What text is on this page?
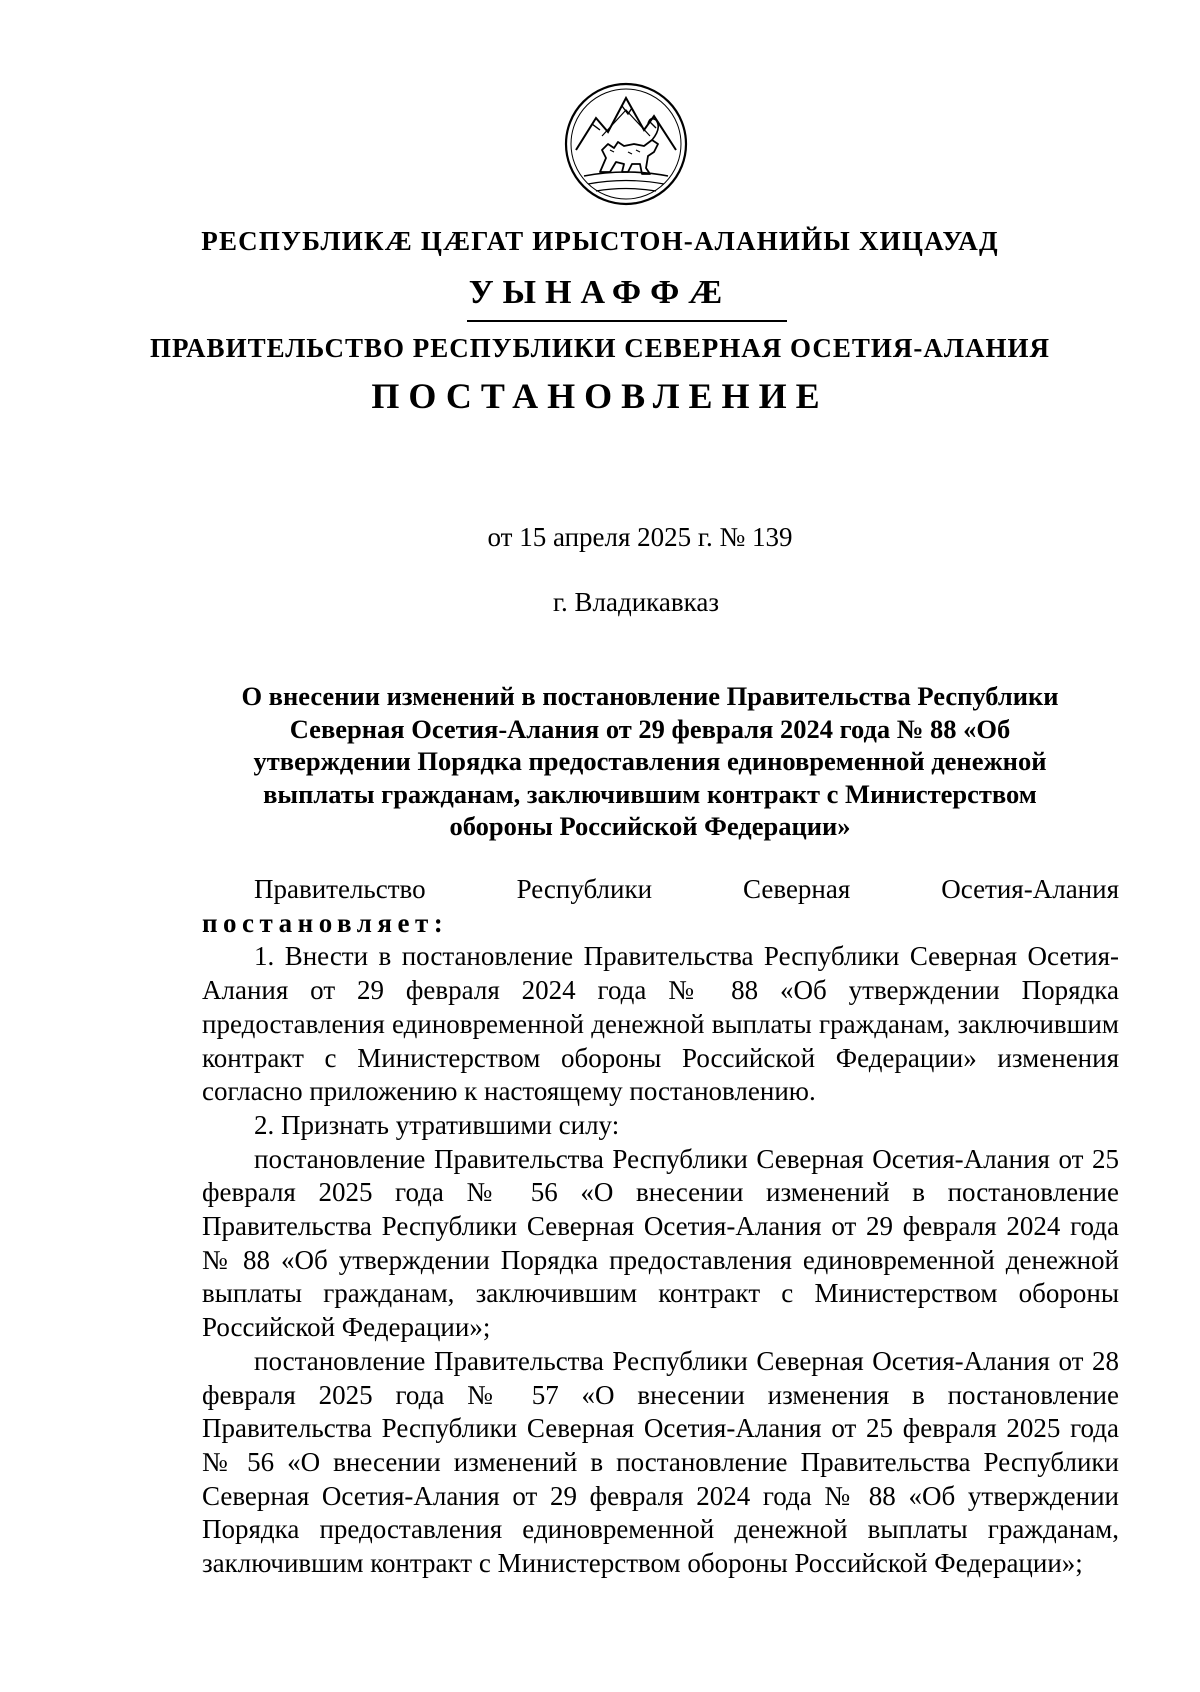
РЕСПУБЛИКӔ ЦӔГАТ ИРЫСТОН-АЛАНИЙЫ ХИЦАУАД
УЫНАФФӔ
ПРАВИТЕЛЬСТВО РЕСПУБЛИКИ СЕВЕРНАЯ ОСЕТИЯ-АЛАНИЯ
ПОСТАНОВЛЕНИЕ
от 15 апреля 2025 г. № 139
г. Владикавказ
О внесении изменений в постановление Правительства Республики Северная Осетия-Алания от 29 февраля 2024 года № 88 «Об утверждении Порядка предоставления единовременной денежной выплаты гражданам, заключившим контракт с Министерством обороны Российской Федерации»
Правительство	Республики	Северная	Осетия-Алания
постановляет:

1. Внести в постановление Правительства Республики Северная Осетия-Алания от 29 февраля 2024 года № 88 «Об утверждении Порядка предоставления единовременной денежной выплаты гражданам, заключившим контракт с Министерством обороны Российской Федерации» изменения согласно приложению к настоящему постановлению.

2. Признать утратившими силу:

постановление Правительства Республики Северная Осетия-Алания от 25 февраля 2025 года № 56 «О внесении изменений в постановление Правительства Республики Северная Осетия-Алания от 29 февраля 2024 года № 88 «Об утверждении Порядка предоставления единовременной денежной выплаты гражданам, заключившим контракт с Министерством обороны Российской Федерации»;

постановление Правительства Республики Северная Осетия-Алания от 28 февраля 2025 года № 57 «О внесении изменения в постановление Правительства Республики Северная Осетия-Алания от 25 февраля 2025 года № 56 «О внесении изменений в постановление Правительства Республики Северная Осетия-Алания от 29 февраля 2024 года № 88 «Об утверждении Порядка предоставления единовременной денежной выплаты гражданам, заключившим контракт с Министерством обороны Российской Федерации»;
